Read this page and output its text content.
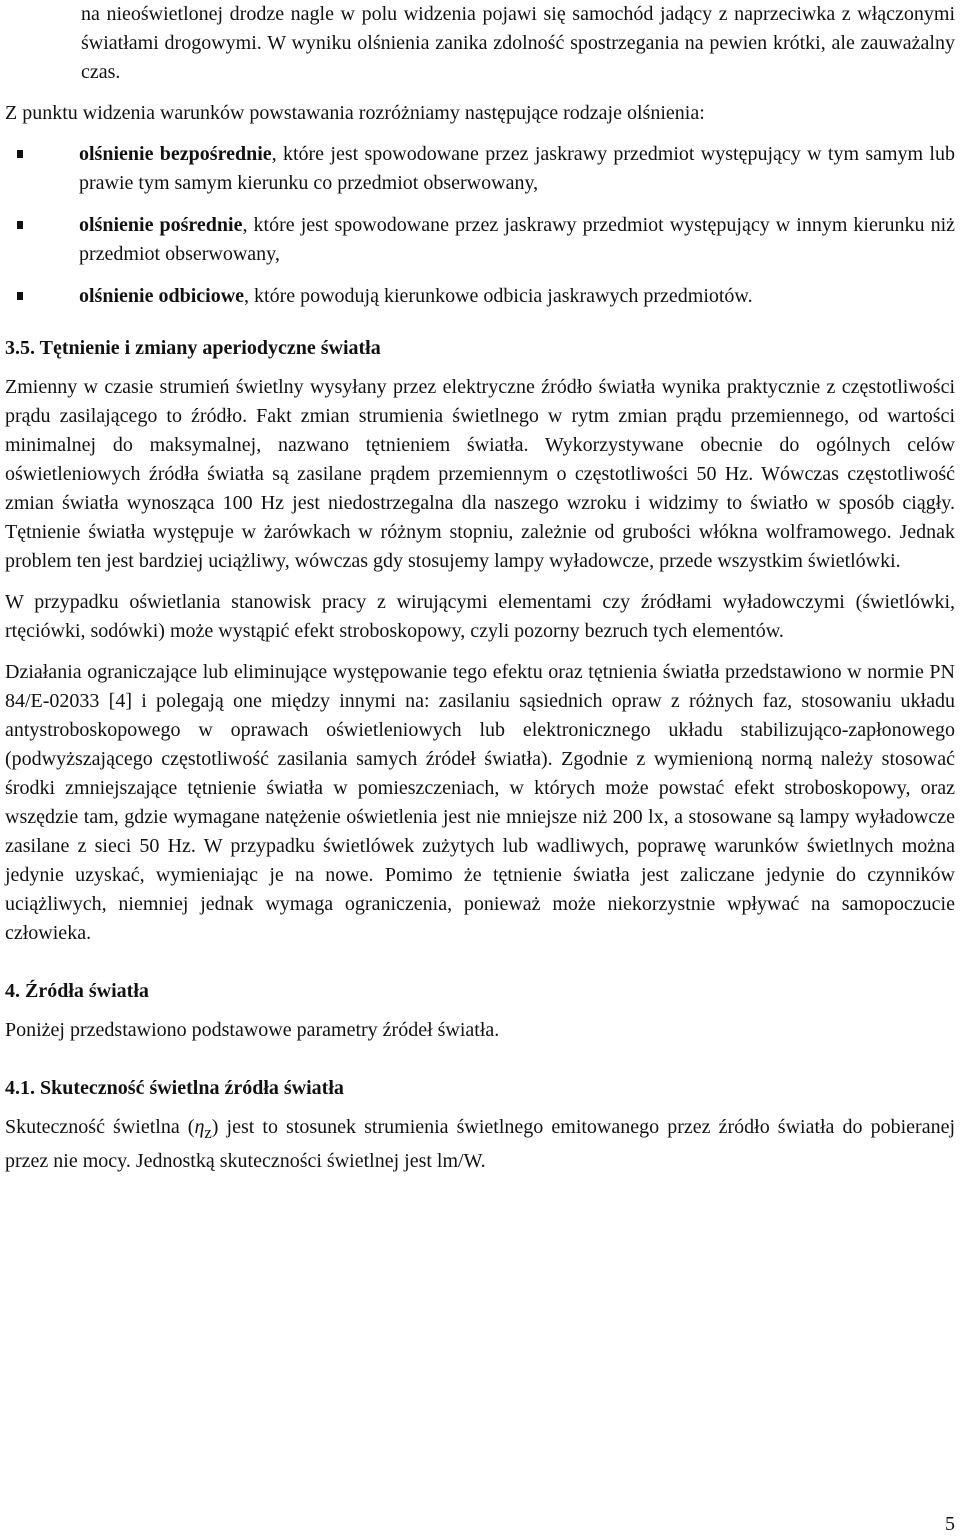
na nieoświetlonej drodze nagle w polu widzenia pojawi się samochód jadący z naprzeciwka z włączonymi światłami drogowymi. W wyniku olśnienia zanika zdolność spostrzegania na pewien krótki, ale zauważalny czas.

Z punktu widzenia warunków powstawania rozróżniamy następujące rodzaje olśnienia:

olśnienie bezpośrednie, które jest spowodowane przez jaskrawy przedmiot występujący w tym samym lub prawie tym samym kierunku co przedmiot obserwowany,
olśnienie pośrednie, które jest spowodowane przez jaskrawy przedmiot występujący w innym kierunku niż przedmiot obserwowany,
olśnienie odbiciowe, które powodują kierunkowe odbicia jaskrawych przedmiotów.
3.5. Tętnienie i zmiany aperiodyczne światła

Zmienny w czasie strumień świetlny wysyłany przez elektryczne źródło światła wynika praktycznie z częstotliwości prądu zasilającego to źródło. Fakt zmian strumienia świetlnego w rytm zmian prądu przemiennego, od wartości minimalnej do maksymalnej, nazwano tętnieniem światła. Wykorzystywane obecnie do ogólnych celów oświetleniowych źródła światła są zasilane prądem przemiennym o częstotliwości 50 Hz. Wówczas częstotliwość zmian światła wynosząca 100 Hz jest niedostrzegalna dla naszego wzroku i widzimy to światło w sposób ciągły. Tętnienie światła występuje w żarówkach w różnym stopniu, zależnie od grubości włókna wolframowego. Jednak problem ten jest bardziej uciążliwy, wówczas gdy stosujemy lampy wyładowcze, przede wszystkim świetlówki.

W przypadku oświetlania stanowisk pracy z wirującymi elementami czy źródłami wyładowczymi (świetlówki, rtęciówki, sodówki) może wystąpić efekt stroboskopowy, czyli pozorny bezruch tych elementów.

Działania ograniczające lub eliminujące występowanie tego efektu oraz tętnienia światła przedstawiono w normie PN 84/E-02033 [4] i polegają one między innymi na: zasilaniu sąsiednich opraw z różnych faz, stosowaniu układu antystroboskopowego w oprawach oświetleniowych lub elektronicznego układu stabilizująco-zapłonowego (podwyższającego częstotliwość zasilania samych źródeł światła). Zgodnie z wymienioną normą należy stosować środki zmniejszające tętnienie światła w pomieszczeniach, w których może powstać efekt stroboskopowy, oraz wszędzie tam, gdzie wymagane natężenie oświetlenia jest nie mniejsze niż 200 lx, a stosowane są lampy wyładowcze zasilane z sieci 50 Hz. W przypadku świetlówek zużytych lub wadliwych, poprawę warunków świetlnych można jedynie uzyskać, wymieniając je na nowe. Pomimo że tętnienie światła jest zaliczane jedynie do czynników uciążliwych, niemniej jednak wymaga ograniczenia, ponieważ może niekorzystnie wpływać na samopoczucie człowieka.

4. Źródła światła

Poniżej przedstawiono podstawowe parametry źródeł światła.

4.1. Skuteczność świetlna źródła światła

Skuteczność świetlna $(\eta_z)$ jest to stosunek strumienia świetlnego emitowanego przez źródło światła do pobieranej przez nie mocy. Jednostką skuteczności świetlnej jest lm/W.

5
